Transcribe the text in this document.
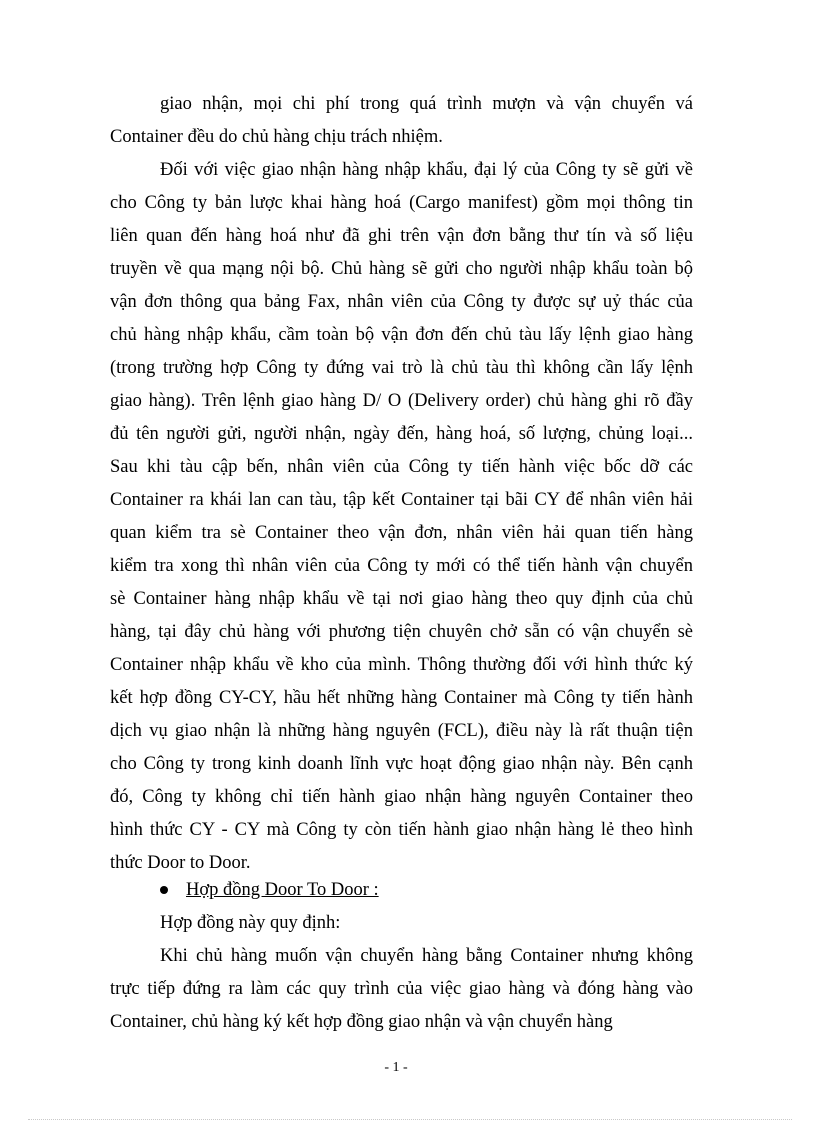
giao nhận, mọi chi phí trong quá trình mượn và vận chuyển vá
Container đều do chủ hàng chịu trách nhiệm.
Đối với việc giao nhận hàng nhập khẩu, đại lý của Công ty sẽ gửi về
cho Công ty bản lược khai hàng hoá (Cargo manifest) gồm mọi thông tin
liên quan đến hàng hoá như đã ghi trên vận đơn bằng thư tín và số liệu
truyền về qua mạng nội bộ. Chủ hàng sẽ gửi cho người nhập khẩu toàn bộ
vận đơn thông qua bảng Fax, nhân viên của Công ty được sự uỷ thác của
chủ hàng nhập khẩu, cầm toàn bộ vận đơn đến chủ tàu lấy lệnh giao hàng
(trong trường hợp Công ty đứng vai trò là chủ tàu thì không cần lấy lệnh
giao hàng). Trên lệnh giao hàng D/ O (Delivery order) chủ hàng ghi rõ đầy
đủ tên người gửi, người nhận, ngày đến, hàng hoá, số lượng, chủng loại...
Sau khi tàu cập bến, nhân viên của Công ty tiến hành việc bốc dỡ các
Container ra khái lan can tàu, tập kết Container tại bãi CY để nhân viên hải
quan kiểm tra sè Container theo vận đơn, nhân viên hải quan tiến hàng
kiểm tra xong thì nhân viên của Công ty mới có thể tiến hành vận chuyển
sè Container hàng nhập khẩu về tại nơi giao hàng theo quy định của chủ
hàng, tại đây chủ hàng với phương tiện chuyên chở sẵn có vận chuyển sè
Container nhập khẩu về kho của mình. Thông thường đối với hình thức ký
kết hợp đồng CY-CY, hầu hết những hàng Container mà Công ty tiến hành
dịch vụ giao nhận là những hàng nguyên (FCL), điều này là rất thuận tiện
cho Công ty trong kinh doanh lĩnh vực hoạt động giao nhận này. Bên cạnh
đó, Công ty không chỉ tiến hành giao nhận hàng nguyên Container theo
hình thức CY - CY mà Công ty còn tiến hành giao nhận hàng lẻ theo hình
thức Door to Door.
Hợp đồng Door To Door :
Hợp đồng này quy định:
Khi chủ hàng muốn vận chuyển hàng bằng Container nhưng không
trực tiếp đứng ra làm các quy trình của việc giao hàng và đóng hàng vào
Container, chủ hàng ký kết hợp đồng giao nhận và vận chuyển hàng
- 1 -
